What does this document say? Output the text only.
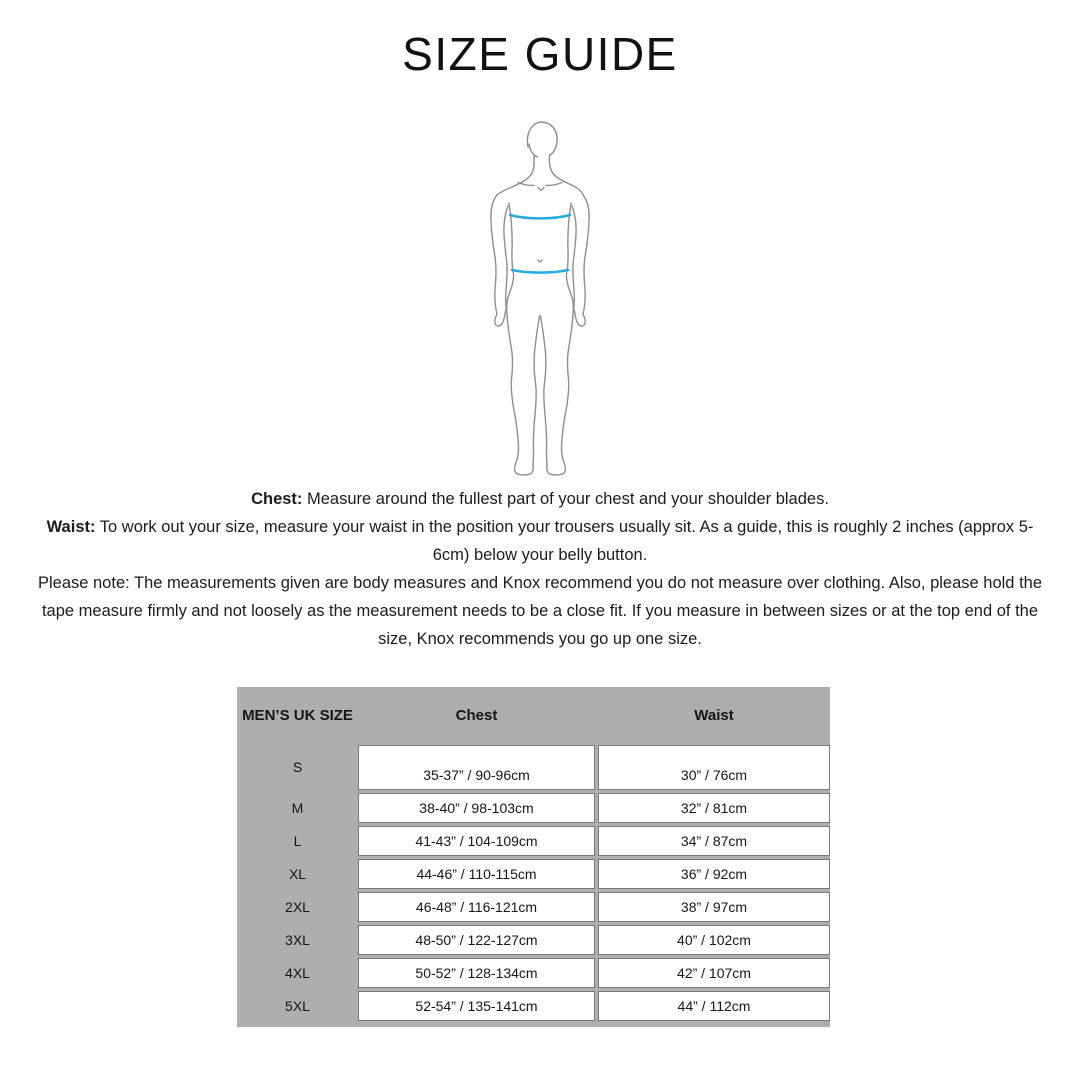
SIZE GUIDE

Chest: Measure around the fullest part of your chest and your shoulder blades.

Waist: To work out your size, measure your waist in the position your trousers usually sit. As a guide, this is roughly 2 inches (approx 5-6cm) below your belly button.

Please note: The measurements given are body measures and Knox recommend you do not measure over clothing. Also, please hold the tape measure firmly and not loosely as the measurement needs to be a close fit. If you measure in between sizes or at the top end of the size, Knox recommends you go up one size.

MEN’S UK SIZE	Chest	Waist
S	35-37” / 90-96cm	30” / 76cm
M	38-40” / 98-103cm	32” / 81cm
L	41-43” / 104-109cm	34” / 87cm
XL	44-46” / 110-115cm	36” / 92cm
2XL	46-48” / 116-121cm	38” / 97cm
3XL	48-50” / 122-127cm	40” / 102cm
4XL	50-52” / 128-134cm	42” / 107cm
5XL	52-54” / 135-141cm	44” / 112cm
